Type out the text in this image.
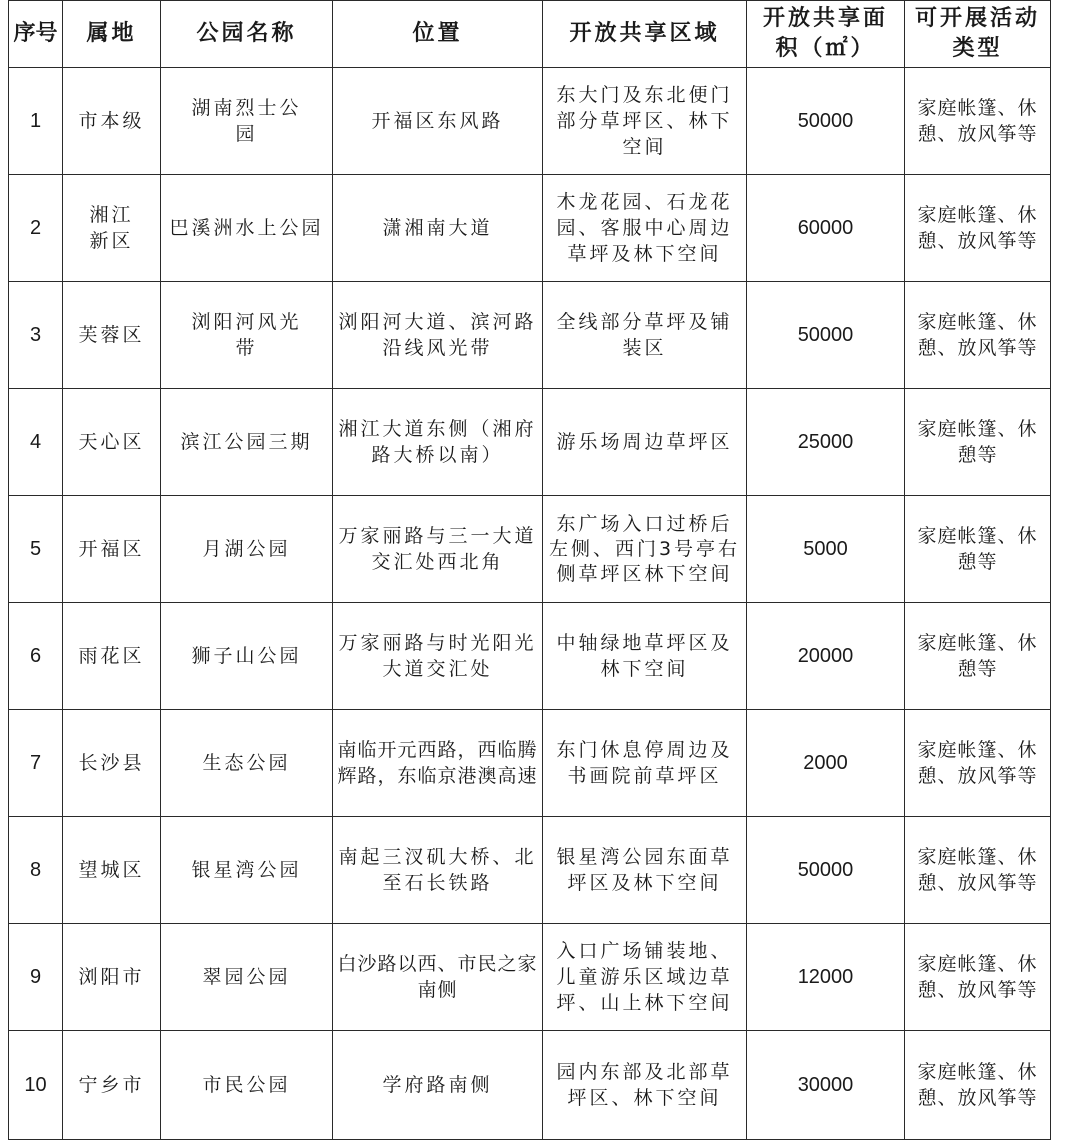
序号	属地	公园名称	位置	开放共享区域	开放共享面积（㎡）	可开展活动类型
1	市本级	湖南烈士公园	开福区东风路	东大门及东北便门部分草坪区、林下空间	50000	家庭帐篷、休憩、放风筝等
2	湘江新区	巴溪洲水上公园	潇湘南大道	木龙花园、石龙花园、客服中心周边草坪及林下空间	60000	家庭帐篷、休憩、放风筝等
3	芙蓉区	浏阳河风光带	浏阳河大道、滨河路沿线风光带	全线部分草坪及铺装区	50000	家庭帐篷、休憩、放风筝等
4	天心区	滨江公园三期	湘江大道东侧（湘府路大桥以南）	游乐场周边草坪区	25000	家庭帐篷、休憩等
5	开福区	月湖公园	万家丽路与三一大道交汇处西北角	东广场入口过桥后左侧、西门3号亭右侧草坪区林下空间	5000	家庭帐篷、休憩等
6	雨花区	狮子山公园	万家丽路与时光阳光大道交汇处	中轴绿地草坪区及林下空间	20000	家庭帐篷、休憩等
7	长沙县	生态公园	南临开元西路，西临腾辉路，东临京港澳高速	东门休息停周边及书画院前草坪区	2000	家庭帐篷、休憩、放风筝等
8	望城区	银星湾公园	南起三汊矶大桥、北至石长铁路	银星湾公园东面草坪区及林下空间	50000	家庭帐篷、休憩、放风筝等
9	浏阳市	翠园公园	白沙路以西、市民之家南侧	入口广场铺装地、儿童游乐区域边草坪、山上林下空间	12000	家庭帐篷、休憩、放风筝等
10	宁乡市	市民公园	学府路南侧	园内东部及北部草坪区、林下空间	30000	家庭帐篷、休憩、放风筝等
